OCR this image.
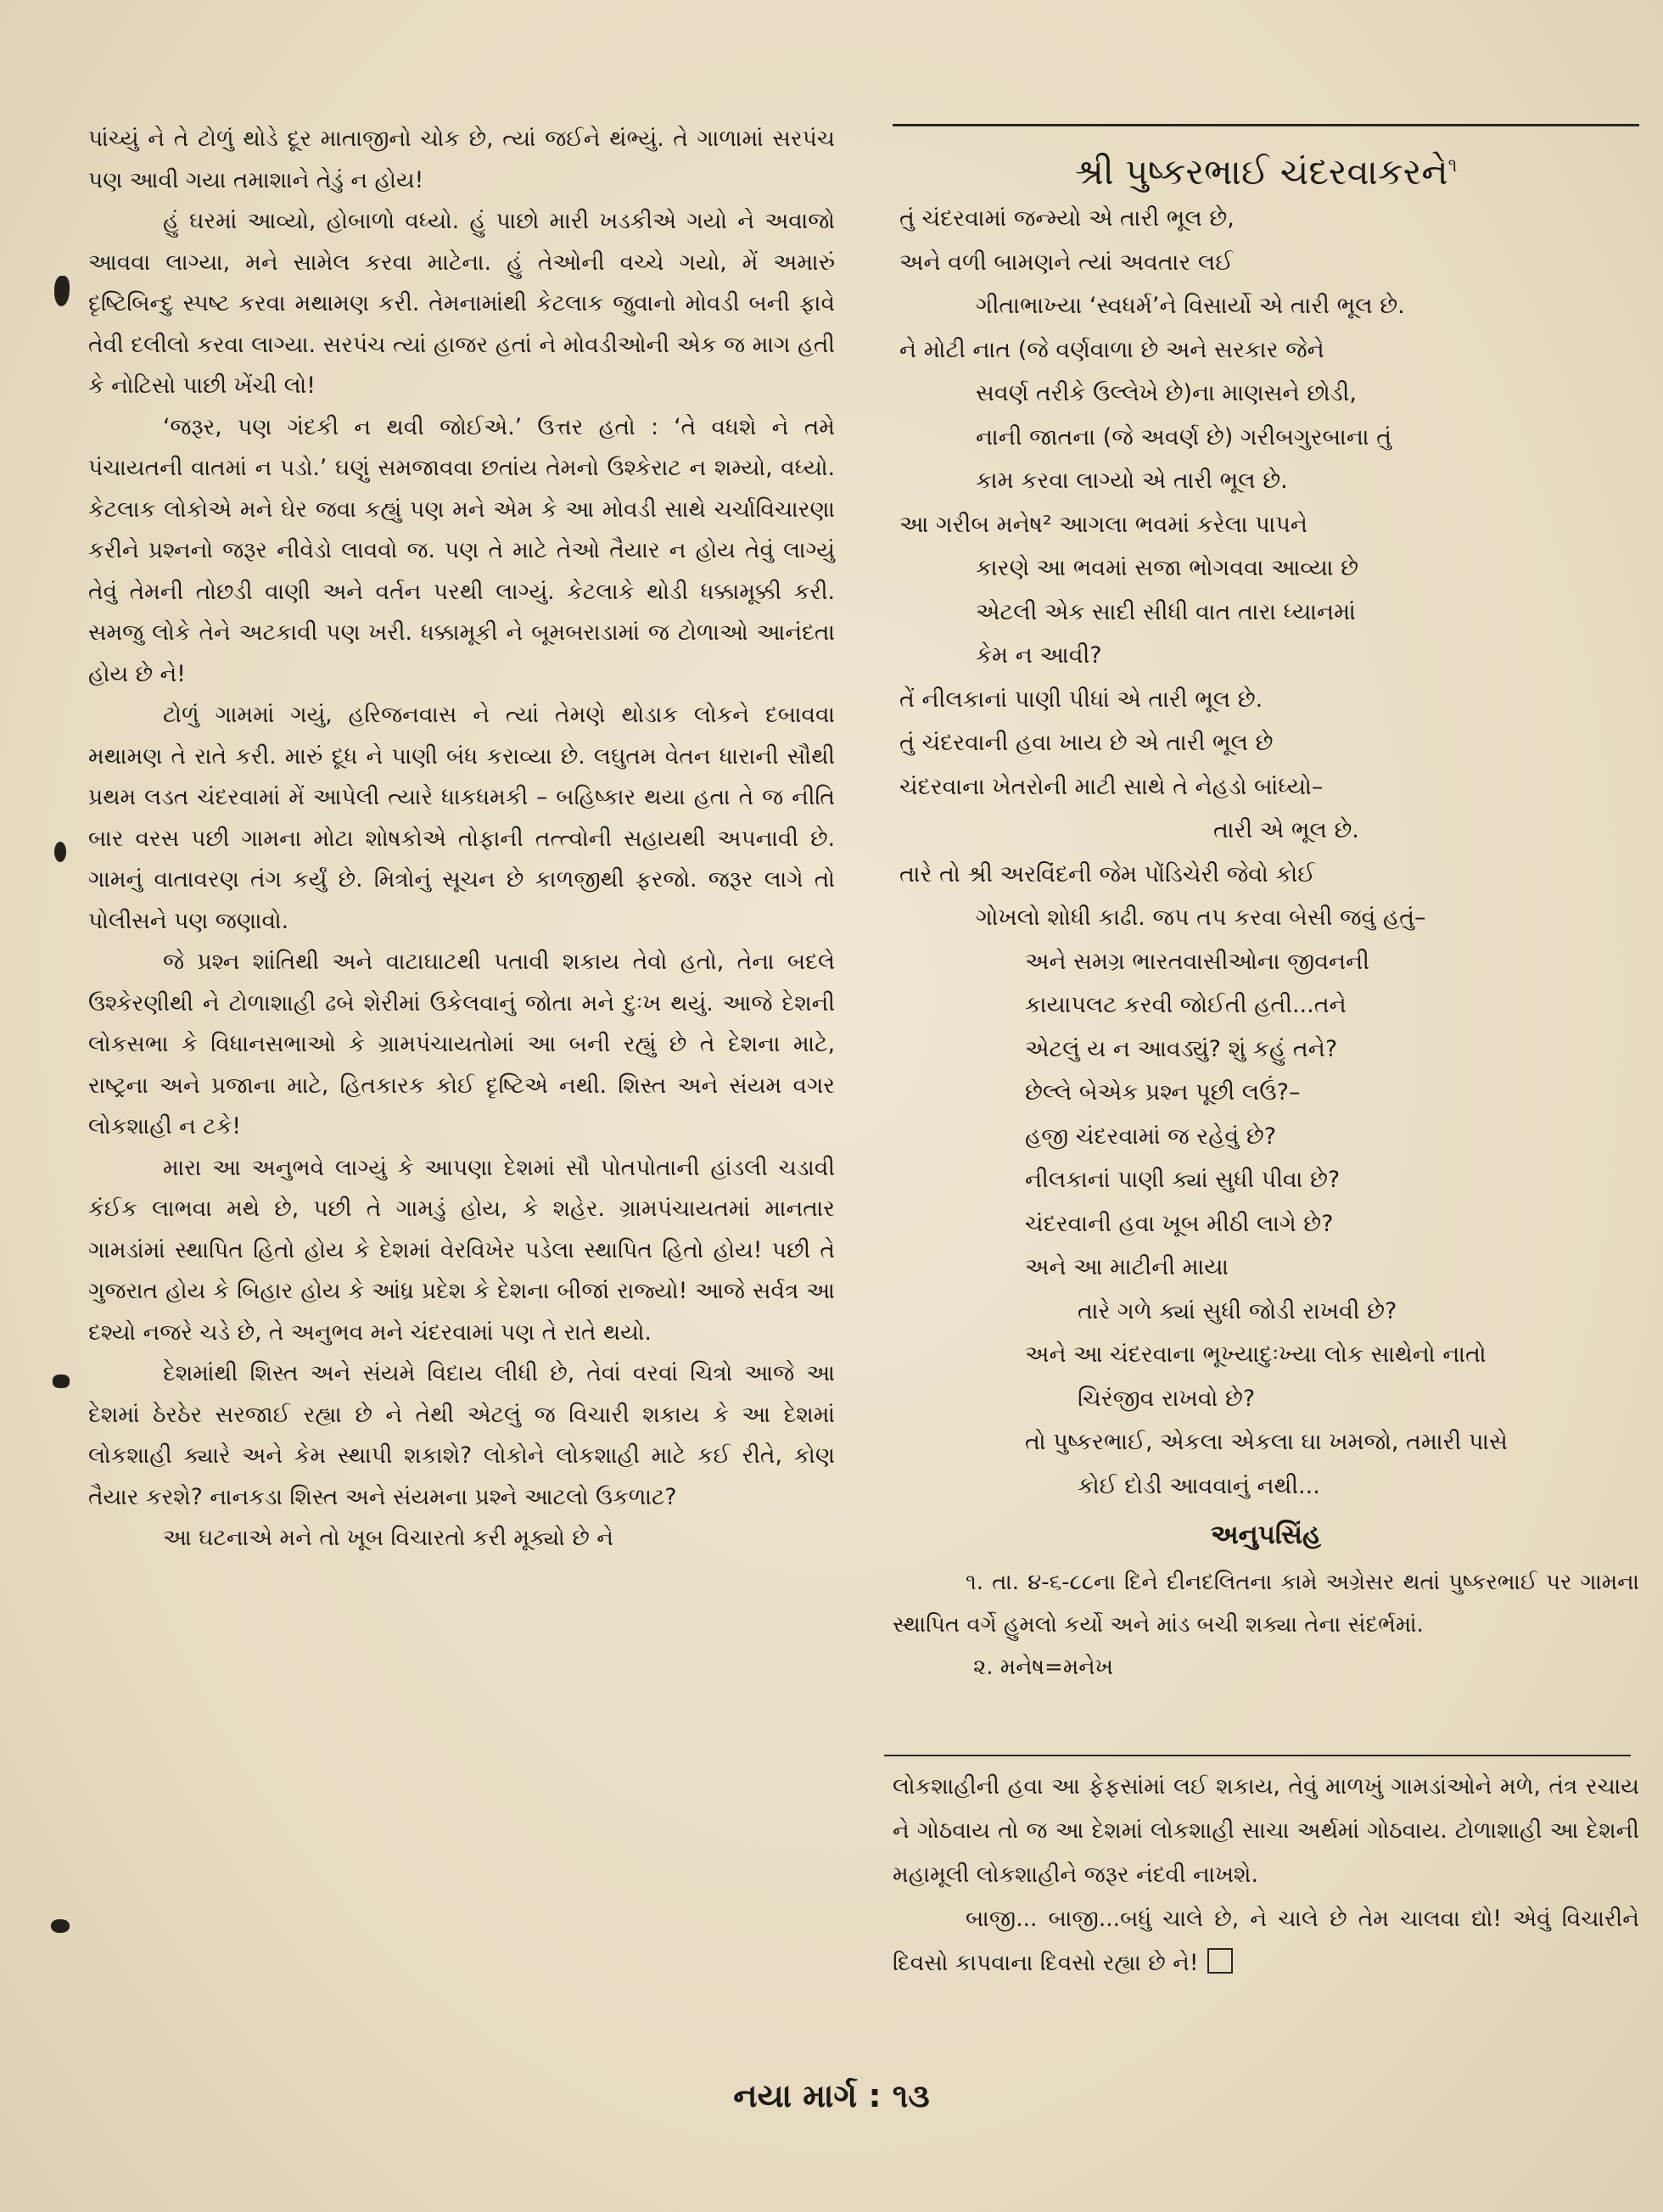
પાંચ્યું ને તે ટોળું થોડે દૂર માતાજીનો ચોક છે, ત્યાં જઈને થંભ્યું. તે ગાળામાં સરપંચ પણ આવી ગયા તમાશાને તેડું ન હોય!

હું ઘરમાં આવ્યો, હોબાળો વધ્યો. હું પાછો મારી ખડકીએ ગયો ને અવાજો આવવા લાગ્યા, મને સામેલ કરવા માટેના. હું તેઓની વચ્ચે ગયો, મેં અમારું દૃષ્ટિબિન્દુ સ્પષ્ટ કરવા મથામણ કરી. તેમનામાંથી કેટલાક જુવાનો મોવડી બની ફાવે તેવી દલીલો કરવા લાગ્યા. સરપંચ ત્યાં હાજર હતાં ને મોવડીઓની એક જ માગ હતી કે નોટિસો પાછી ખેંચી લો!

‘જરૂર, પણ ગંદકી ન થવી જોઈએ.’ ઉત્તર હતો : ‘તે વધશે ને તમે પંચાયતની વાતમાં ન પડો.’ ઘણું સમજાવવા છતાંય તેમનો ઉશ્કેરાટ ન શમ્યો, વધ્યો. કેટલાક લોકોએ મને ઘેર જવા કહ્યું પણ મને એમ કે આ મોવડી સાથે ચર્ચાવિચારણા કરીને પ્રશ્નનો જરૂર નીવેડો લાવવો જ. પણ તે માટે તેઓ તૈયાર ન હોય તેવું લાગ્યું તેવું તેમની તોછડી વાણી અને વર્તન પરથી લાગ્યું. કેટલાકે થોડી ધક્કામૂક્કી કરી. સમજુ લોકે તેને અટકાવી પણ ખરી. ધક્કામૂકી ને બૂમબરાડામાં જ ટોળાઓ આનંદતા હોય છે ને!

ટોળું ગામમાં ગયું, હરિજનવાસ ને ત્યાં તેમણે થોડાક લોકને દબાવવા મથામણ તે રાતે કરી. મારું દૂધ ને પાણી બંધ કરાવ્યા છે. લઘુતમ વેતન ધારાની સૌથી પ્રથમ લડત ચંદરવામાં મેં આપેલી ત્યારે ધાકધમકી – બહિષ્કાર થયા હતા તે જ નીતિ બાર વરસ પછી ગામના મોટા શોષકોએ તોફાની તત્ત્વોની સહાયથી અપનાવી છે. ગામનું વાતાવરણ તંગ કર્યું છે. મિત્રોનું સૂચન છે કાળજીથી ફરજો. જરૂર લાગે તો પોલીસને પણ જણાવો.

જે પ્રશ્ન શાંતિથી અને વાટાઘાટથી પતાવી શકાય તેવો હતો, તેના બદલે ઉશ્કેરણીથી ને ટોળાશાહી ઢબે શેરીમાં ઉકેલવાનું જોતા મને દુઃખ થયું. આજે દેશની લોકસભા કે વિધાનસભાઓ કે ગ્રામપંચાયતોમાં આ બની રહ્યું છે તે દેશના માટે, રાષ્ટ્રના અને પ્રજાના માટે, હિતકારક કોઈ દૃષ્ટિએ નથી. શિસ્ત અને સંયમ વગર લોકશાહી ન ટકે!

મારા આ અનુભવે લાગ્યું કે આપણા દેશમાં સૌ પોતપોતાની હાંડલી ચડાવી કંઈક લાભવા મથે છે, પછી તે ગામડું હોય, કે શહેર. ગ્રામપંચાયતમાં માનતાર ગામડાંમાં સ્થાપિત હિતો હોય કે દેશમાં વેરવિખેર પડેલા સ્થાપિત હિતો હોય! પછી તે ગુજરાત હોય કે બિહાર હોય કે આંધ્ર પ્રદેશ કે દેશના બીજાં રાજ્યો! આજે સર્વત્ર આ દશ્યો નજરે ચડે છે, તે અનુભવ મને ચંદરવામાં પણ તે રાતે થયો.

દેશમાંથી શિસ્ત અને સંયમે વિદાય લીધી છે, તેવાં વરવાં ચિત્રો આજે આ દેશમાં ઠેરઠેર સરજાઈ રહ્યા છે ને તેથી એટલું જ વિચારી શકાય કે આ દેશમાં લોકશાહી ક્યારે અને કેમ સ્થાપી શકાશે? લોકોને લોકશાહી માટે કઈ રીતે, કોણ તૈયાર કરશે? નાનકડા શિસ્ત અને સંયમના પ્રશ્ને આટલો ઉકળાટ?

આ ઘટનાએ મને તો ખૂબ વિચારતો કરી મૂક્યો છે ને

શ્રી પુષ્કરભાઈ ચંદરવાકરને$^૧$
તું ચંદરવામાં જન્મ્યો એ તારી ભૂલ છે,
અને વળી બામણને ત્યાં અવતાર લઈ
ગીતાભાખ્યા ‘સ્વધર્મ’ને વિસાર્યો એ તારી ભૂલ છે.
ને મોટી નાત (જે વર્ણવાળા છે અને સરકાર જેને
સવર્ણ તરીકે ઉલ્લેખે છે)ના માણસને છોડી,
નાની જાતના (જે અવર્ણ છે) ગરીબગુરબાના તું
કામ કરવા લાગ્યો એ તારી ભૂલ છે.
આ ગરીબ મનેષ² આગલા ભવમાં કરેલા પાપને
કારણે આ ભવમાં સજા ભોગવવા આવ્યા છે
એટલી એક સાદી સીધી વાત તારા ધ્યાનમાં
કેમ ન આવી?
તેં નીલકાનાં પાણી પીધાં એ તારી ભૂલ છે.
તું ચંદરવાની હવા ખાય છે એ તારી ભૂલ છે
ચંદરવાના ખેતરોની માટી સાથે તે નેહડો બાંધ્યો–
તારી એ ભૂલ છે.
તારે તો શ્રી અરવિંદની જેમ પોંડિચેરી જેવો કોઈ
ગોખલો શોધી કાઢી. જપ તપ કરવા બેસી જવું હતું–
અને સમગ્ર ભારતવાસીઓના જીવનની
કાયાપલટ કરવી જોઈતી હતી...તને
એટલું ય ન આવડ્યું? શું કહું તને?
છેલ્લે બેએક પ્રશ્ન પૂછી લઉં?–
હજી ચંદરવામાં જ રહેવું છે?
નીલકાનાં પાણી ક્યાં સુધી પીવા છે?
ચંદરવાની હવા ખૂબ મીઠી લાગે છે?
અને આ માટીની માયા
તારે ગળે ક્યાં સુધી જોડી રાખવી છે?
અને આ ચંદરવાના ભૂખ્યાદુઃખ્યા લોક સાથેનો નાતો
ચિરંજીવ રાખવો છે?
તો પુષ્કરભાઈ, એકલા એકલા ઘા ખમજો, તમારી પાસે
કોઈ દોડી આવવાનું નથી...
અનુપસિંહ

૧. તા. ૪-૬-૮૮ના દિને દીનદલિતના કામે અગ્રેસર થતાં પુષ્કરભાઈ પર ગામના સ્થાપિત વર્ગે હુમલો કર્યો અને માંડ બચી શક્યા તેના સંદર્ભમાં.

૨. મનેષ=મનેખ

લોકશાહીની હવા આ ફેફસાંમાં લઈ શકાય, તેવું માળખું ગામડાંઓને મળે, તંત્ર રચાય ને ગોઠવાય તો જ આ દેશમાં લોકશાહી સાચા અર્થમાં ગોઠવાય. ટોળાશાહી આ દેશની મહામૂલી લોકશાહીને જરૂર નંદવી નાખશે.

બાજી... બાજી...બધું ચાલે છે, ને ચાલે છે તેમ ચાલવા દ્યો! એવું વિચારીને દિવસો કાપવાના દિવસો રહ્યા છે ને!

નયા માર્ગ : ૧૩
